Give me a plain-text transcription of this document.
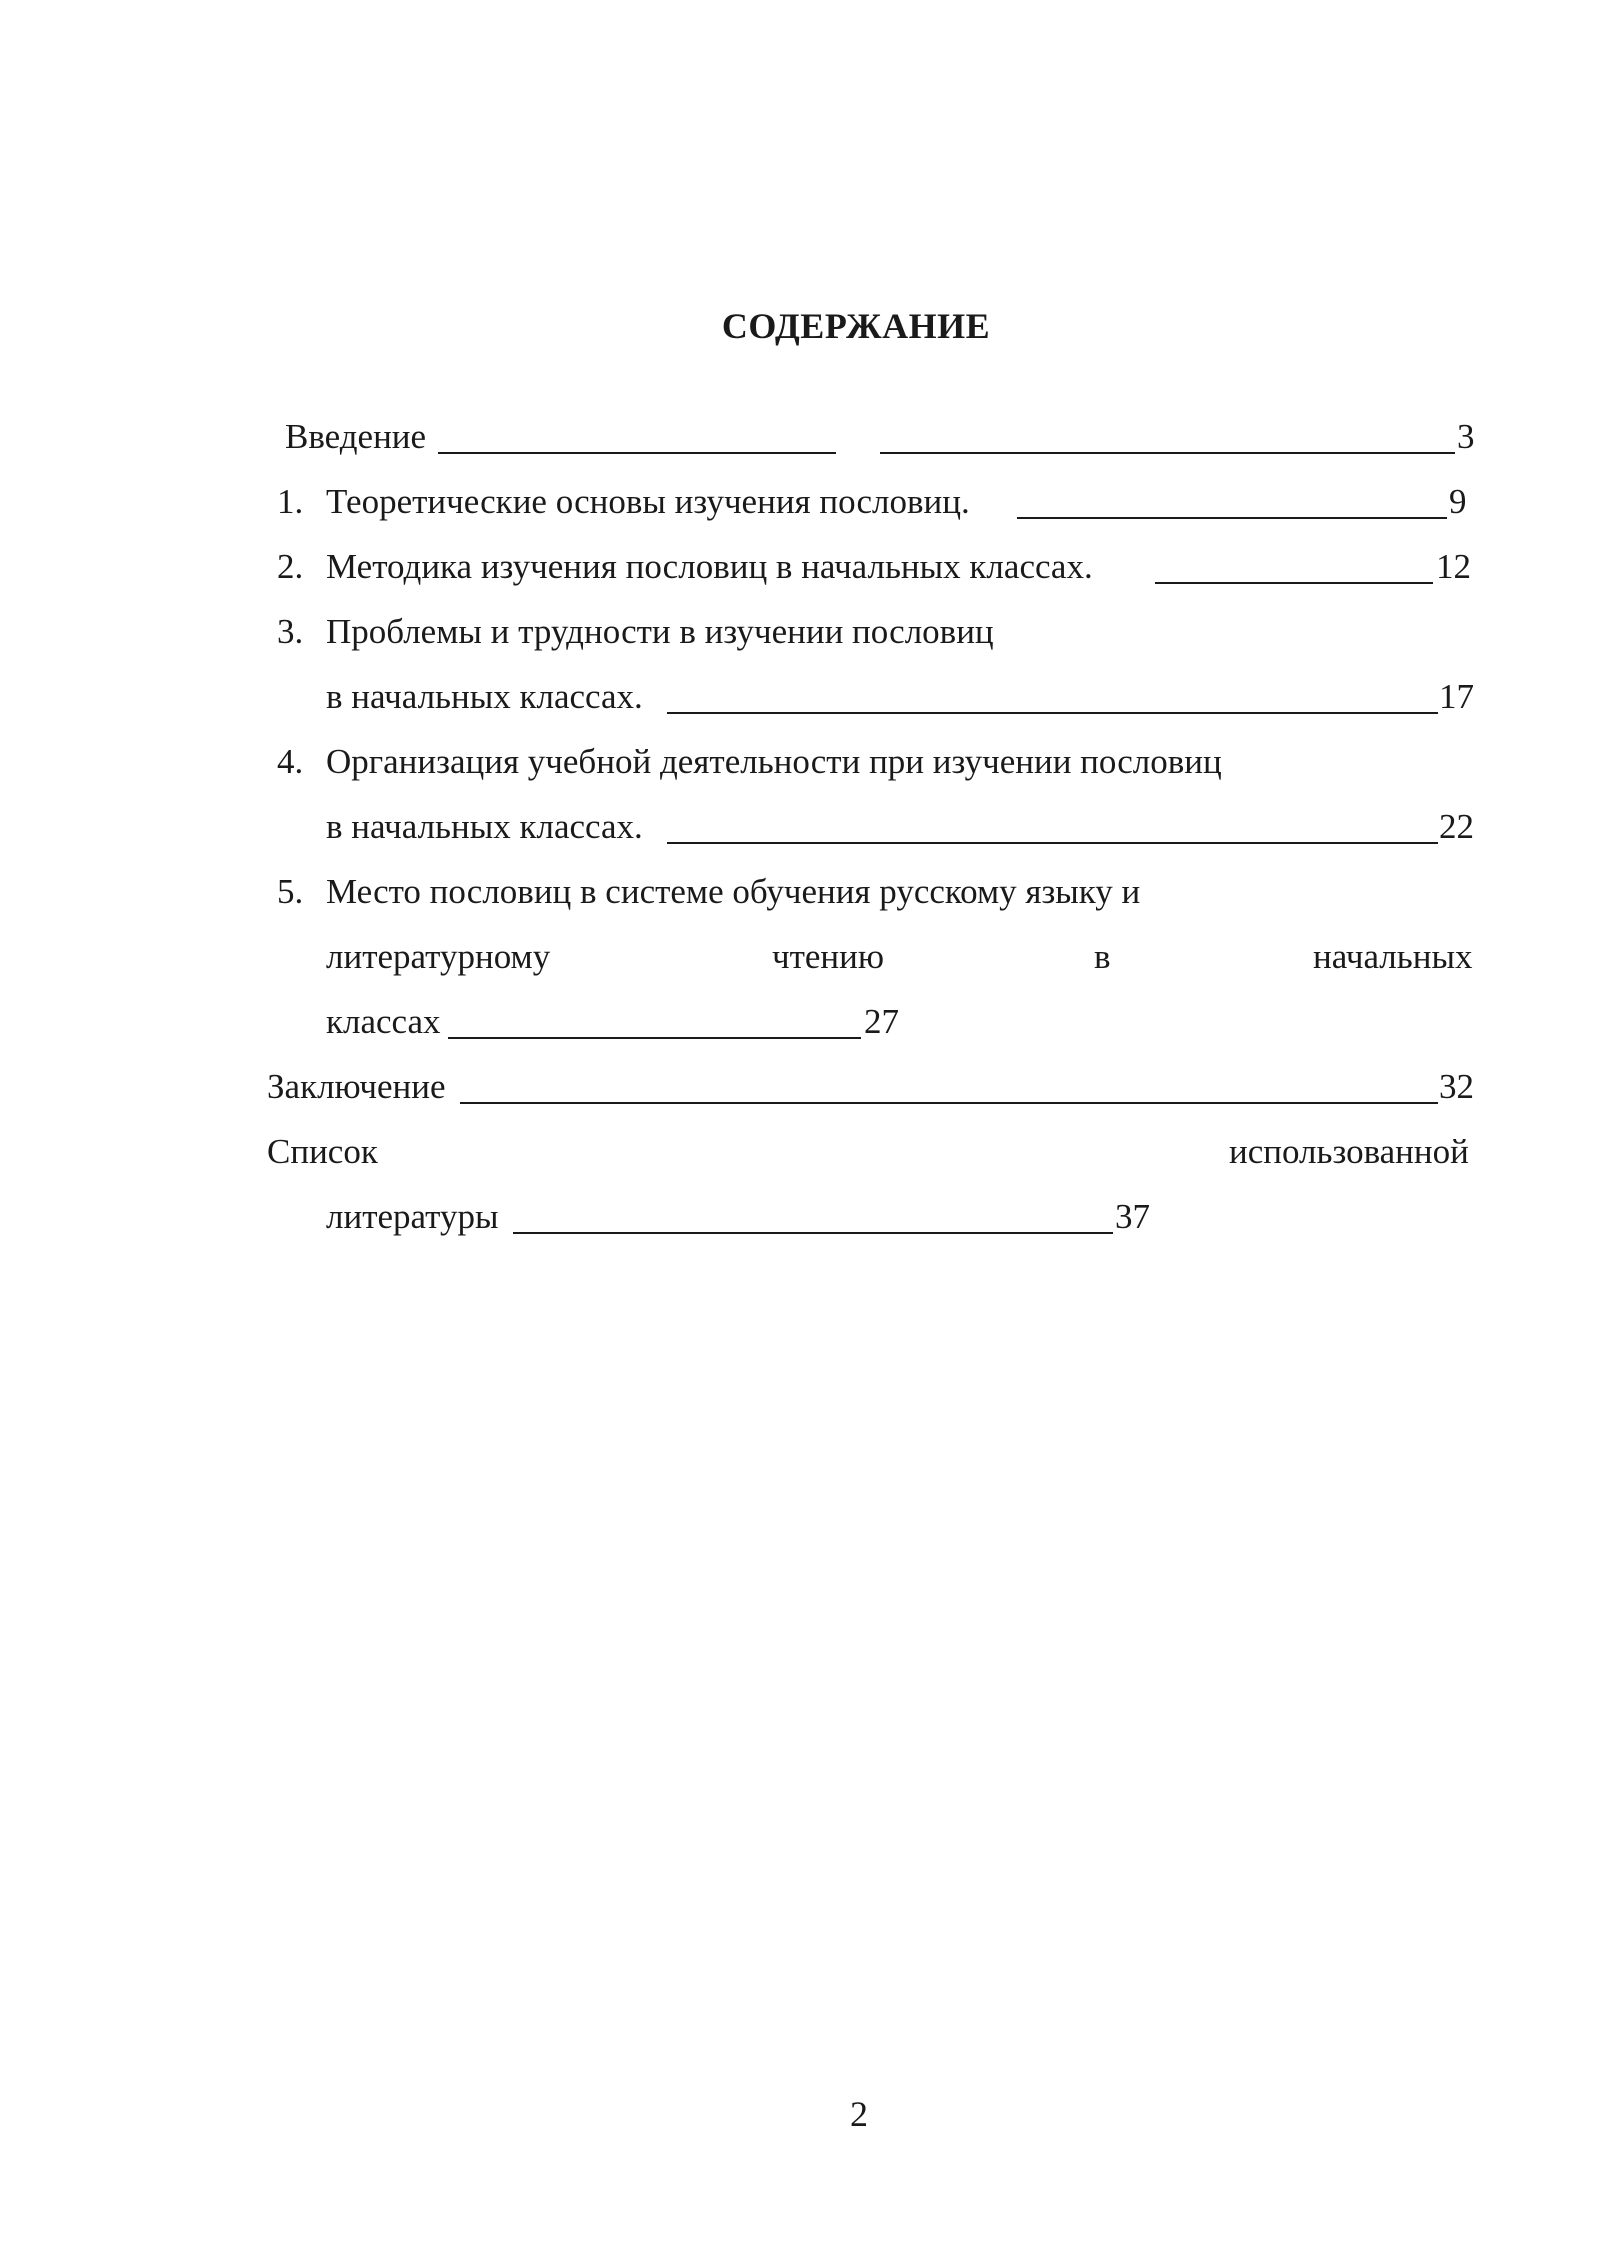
СОДЕРЖАНИЕ
Введение	3
1. Теоретические основы изучения пословиц.	9
2. Методика изучения пословиц в начальных классах.	12
3. Проблемы и трудности в изучении пословиц
в начальных классах.	17
4. Организация учебной деятельности при изучении пословиц
в начальных классах.	22
5. Место пословиц в системе обучения русскому языку и
литературному	чтению	в	начальных
классах	27
Заключение	32
Список	использованной
литературы	37
2
